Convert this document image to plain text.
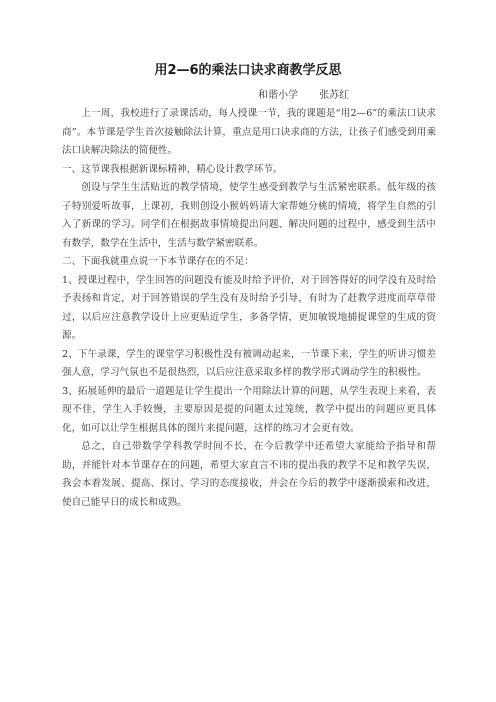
用2—6的乘法口诀求商教学反思
和谐小学 张苏红

上一周，我校进行了录课活动，每人授课一节，我的课题是“用2—6”的乘法口诀求商”。本节课是学生首次接触除法计算，重点是用口诀求商的方法，让孩子们感受到用乘法口诀解决除法的简便性。

一、这节课我根据新课标精神，精心设计教学环节。

创设与学生生活贴近的教学情境，使学生感受到教学与生活紧密联系。低年级的孩子特别爱听故事，上课初，我则创设小猴妈妈请大家帮她分桃的情境，将学生自然的引入了新课的学习。同学们在根据故事情境提出问题、解决问题的过程中，感受到生活中有数学，数学在生活中，生活与数学紧密联系。

二、下面我就重点说一下本节课存在的不足：

1、授课过程中，学生回答的问题没有能及时给予评价，对于回答得好的同学没有及时给予表扬和肯定，对于回答错误的学生没有及时给予引导，有时为了赶教学进度而草草带过，以后应注意教学设计上应更贴近学生，多备学情，更加敏锐地捕捉课堂的生成的资源。

2、下午录课，学生的课堂学习积极性没有被调动起来，一节课下来，学生的听讲习惯差强人意，学习气氛也不是很热烈，以后应注意采取多样的教学形式调动学生的积极性。

3、拓展延伸的最后一道题是让学生提出一个用除法计算的问题，从学生表现上来看，表现不佳，学生入手较慢，主要原因是提的问题太过笼统，教学中提出的问题应更具体化，如可以让学生根据具体的图片来提问题，这样的练习才会更有效。

总之，自己带数学学科教学时间不长，在今后教学中还希望大家能给予指导和帮助，并能针对本节课存在的问题，希望大家直言不讳的提出我的教学不足和教学失误，我会本着发展、提高、探讨、学习的态度接收，并会在今后的教学中逐渐摸索和改进，使自己能早日的成长和成熟。
